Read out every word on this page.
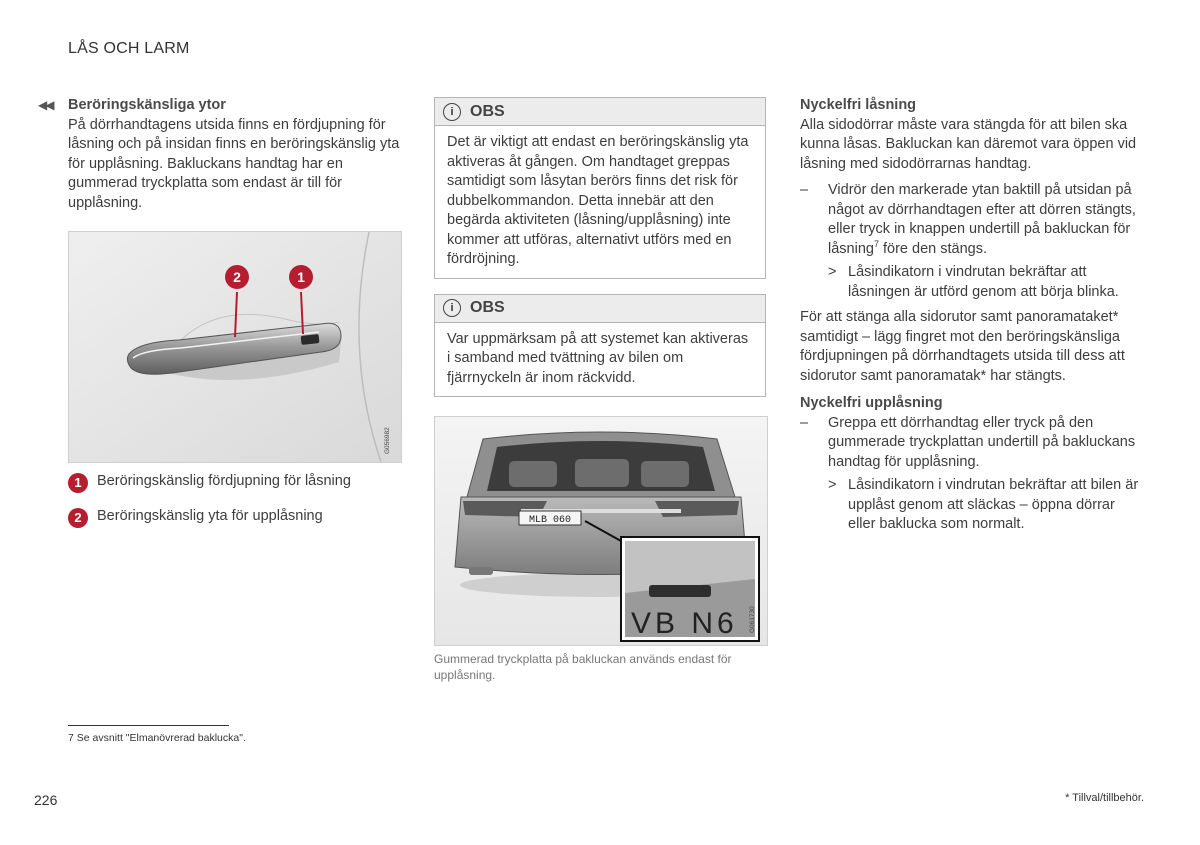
LÅS OCH LARM
◀◀ Beröringskänsliga ytor

På dörrhandtagens utsida finns en fördjupning för låsning och på insidan finns en beröringskänslig yta för upplåsning. Bakluckans handtag har en gummerad tryckplatta som endast är till för upplåsning.

2	1
G056982
1	Beröringskänslig fördjupning för låsning
2	Beröringskänslig yta för upplåsning
i	OBS
Det är viktigt att endast en beröringskänslig yta aktiveras åt gången. Om handtaget greppas samtidigt som låsytan berörs finns det risk för dubbelkommandon. Detta innebär att den begärda aktiviteten (låsning/upplåsning) inte kommer att utföras, alternativt utförs med en fördröjning.
i	OBS
Var uppmärksam på att systemet kan aktiveras i samband med tvättning av bilen om fjärrnyckeln är inom räckvidd.
MLB 060
VB N6 G061730
Gummerad tryckplatta på bakluckan används endast för upplåsning.

Nyckelfri låsning

Alla sidodörrar måste vara stängda för att bilen ska kunna låsas. Bakluckan kan däremot vara öppen vid låsning med sidodörrarnas handtag.

– Vidrör den markerade ytan baktill på utsidan på något av dörrhandtagen efter att dörren stängts, eller tryck in knappen undertill på bakluckan för låsning$^7$ före den stängs.
> Låsindikatorn i vindrutan bekräftar att låsningen är utförd genom att börja blinka.

För att stänga alla sidorutor samt panoramataket* samtidigt – lägg fingret mot den beröringskänsliga fördjupningen på dörrhandtagets utsida till dess att sidorutor samt panoramatak* har stängts.

Nyckelfri upplåsning

– Greppa ett dörrhandtag eller tryck på den gummerade tryckplattan undertill på bakluckans handtag för upplåsning.
> Låsindikatorn i vindrutan bekräftar att bilen är upplåst genom att släckas – öppna dörrar eller baklucka som normalt.
7 Se avsnitt "Elmanövrerad baklucka".
226	* Tillval/tillbehör.
